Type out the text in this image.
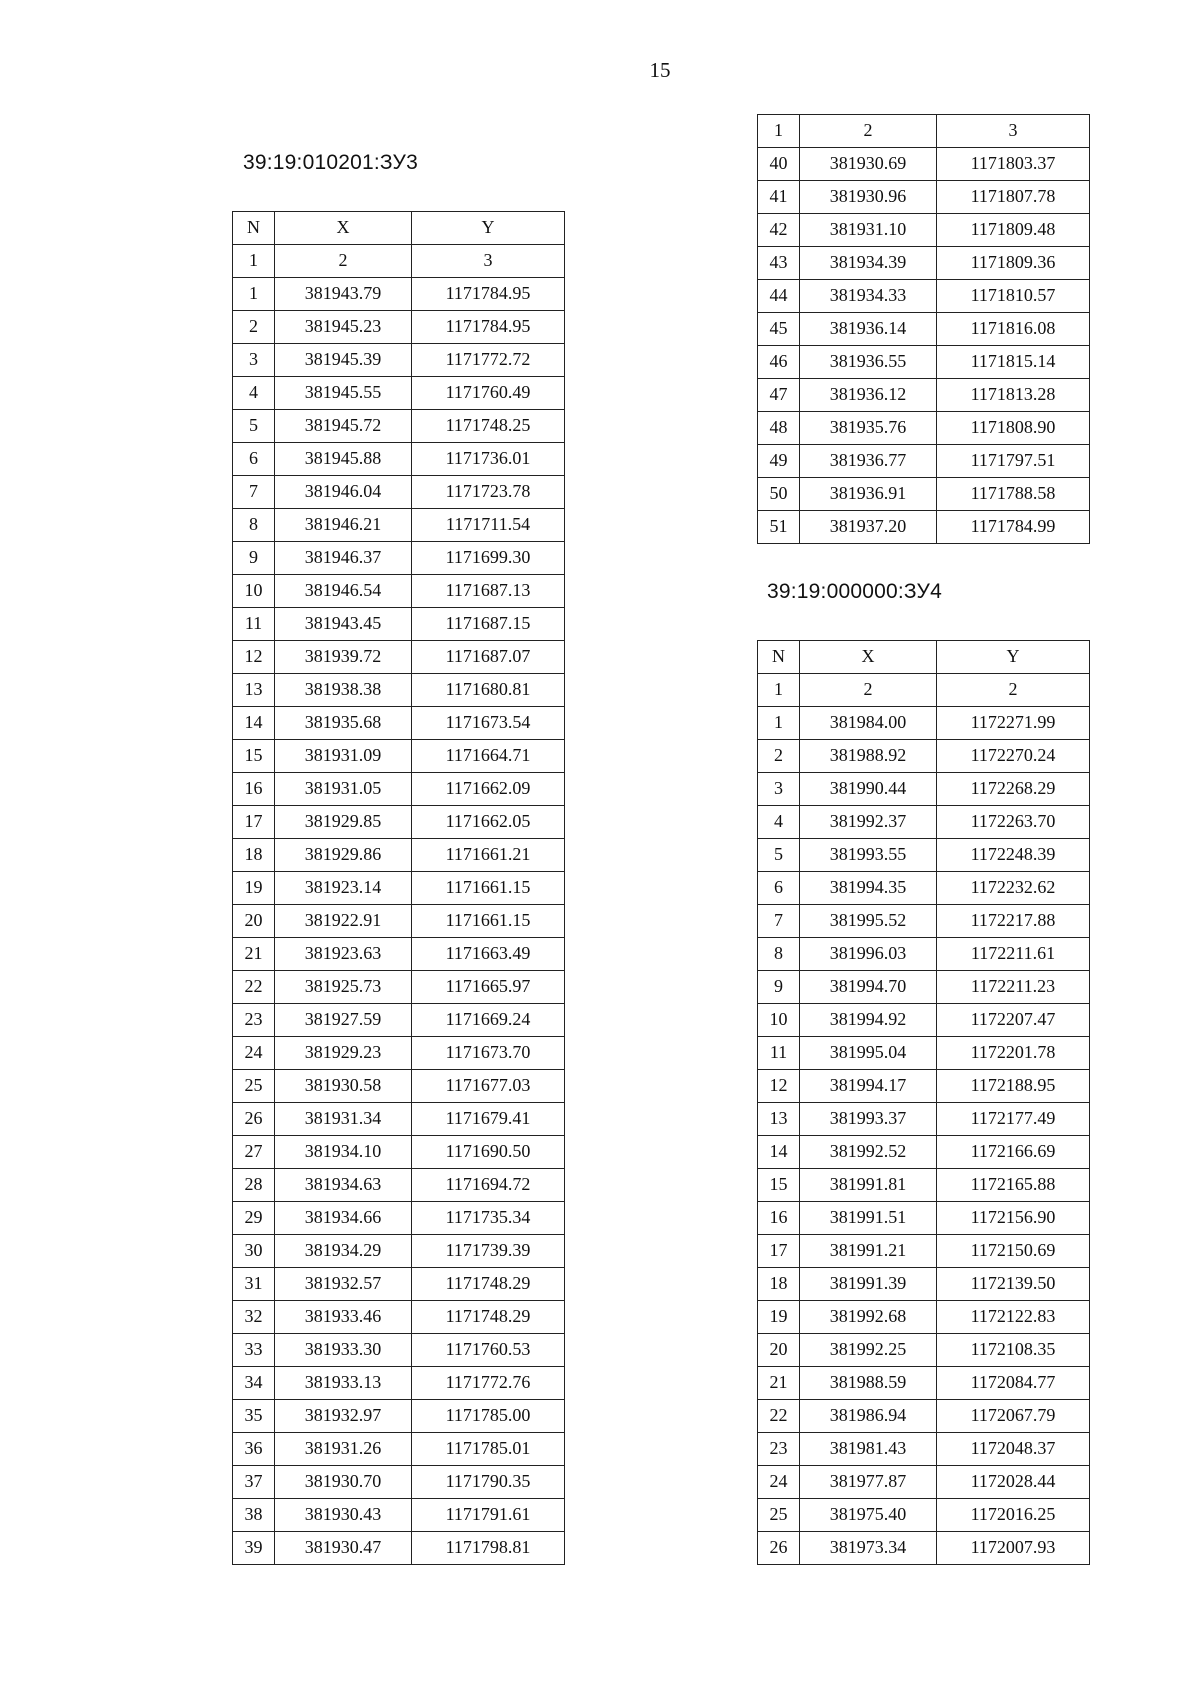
15
39:19:010201:ЗУ3
N	X	Y
1	2	3
1	381943.79	1171784.95
2	381945.23	1171784.95
3	381945.39	1171772.72
4	381945.55	1171760.49
5	381945.72	1171748.25
6	381945.88	1171736.01
7	381946.04	1171723.78
8	381946.21	1171711.54
9	381946.37	1171699.30
10	381946.54	1171687.13
11	381943.45	1171687.15
12	381939.72	1171687.07
13	381938.38	1171680.81
14	381935.68	1171673.54
15	381931.09	1171664.71
16	381931.05	1171662.09
17	381929.85	1171662.05
18	381929.86	1171661.21
19	381923.14	1171661.15
20	381922.91	1171661.15
21	381923.63	1171663.49
22	381925.73	1171665.97
23	381927.59	1171669.24
24	381929.23	1171673.70
25	381930.58	1171677.03
26	381931.34	1171679.41
27	381934.10	1171690.50
28	381934.63	1171694.72
29	381934.66	1171735.34
30	381934.29	1171739.39
31	381932.57	1171748.29
32	381933.46	1171748.29
33	381933.30	1171760.53
34	381933.13	1171772.76
35	381932.97	1171785.00
36	381931.26	1171785.01
37	381930.70	1171790.35
38	381930.43	1171791.61
39	381930.47	1171798.81
1	2	3
40	381930.69	1171803.37
41	381930.96	1171807.78
42	381931.10	1171809.48
43	381934.39	1171809.36
44	381934.33	1171810.57
45	381936.14	1171816.08
46	381936.55	1171815.14
47	381936.12	1171813.28
48	381935.76	1171808.90
49	381936.77	1171797.51
50	381936.91	1171788.58
51	381937.20	1171784.99
39:19:000000:ЗУ4
N	X	Y
1	2	2
1	381984.00	1172271.99
2	381988.92	1172270.24
3	381990.44	1172268.29
4	381992.37	1172263.70
5	381993.55	1172248.39
6	381994.35	1172232.62
7	381995.52	1172217.88
8	381996.03	1172211.61
9	381994.70	1172211.23
10	381994.92	1172207.47
11	381995.04	1172201.78
12	381994.17	1172188.95
13	381993.37	1172177.49
14	381992.52	1172166.69
15	381991.81	1172165.88
16	381991.51	1172156.90
17	381991.21	1172150.69
18	381991.39	1172139.50
19	381992.68	1172122.83
20	381992.25	1172108.35
21	381988.59	1172084.77
22	381986.94	1172067.79
23	381981.43	1172048.37
24	381977.87	1172028.44
25	381975.40	1172016.25
26	381973.34	1172007.93
